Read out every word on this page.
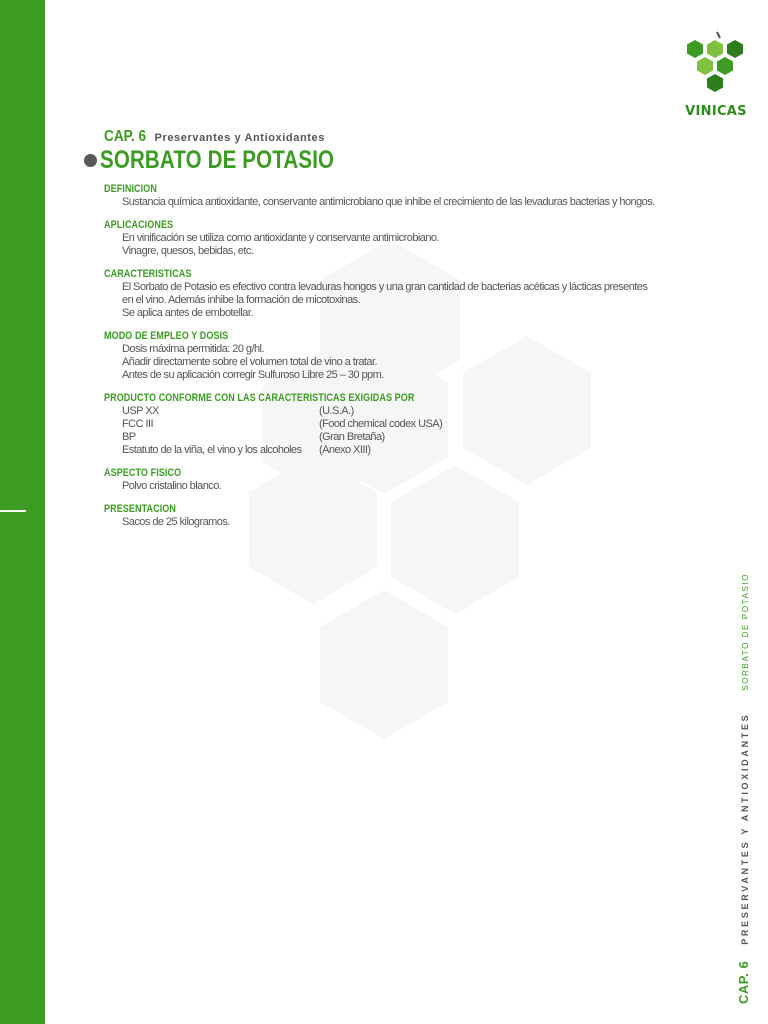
VINICAS
CAP. 6 Preservantes y Antioxidantes
SORBATO DE POTASIO
DEFINICION
Sustancia química antioxidante, conservante antimicrobiano que inhibe el crecimiento de las levaduras bacterias y hongos.
APLICACIONES
En vinificación se utiliza como antioxidante y conservante antimicrobiano.
Vinagre, quesos, bebidas, etc.
CARACTERISTICAS
El Sorbato de Potasio es efectivo contra levaduras hongos y una gran cantidad de bacterias acéticas y lácticas presentes
en el vino. Además inhibe la formación de micotoxinas.
Se aplica antes de embotellar.
MODO DE EMPLEO Y DOSIS
Dosis máxima permitida: 20 g/hl.
Añadir directamente sobre el volumen total de vino a tratar.
Antes de su aplicación corregir Sulfuroso Libre 25 – 30 ppm.
PRODUCTO CONFORME CON LAS CARACTERISTICAS EXIGIDAS POR
USP XX	(U.S.A.)
FCC III	(Food chemical codex USA)
BP	(Gran Bretaña)
Estatuto de la viña, el vino y los alcoholes	(Anexo XIII)
ASPECTO FISICO
Polvo cristalino blanco.
PRESENTACION
Sacos de 25 kilogramos.
CAP. 6
PRESERVANTES Y ANTIOXIDANTES
SORBATO DE POTASIO
